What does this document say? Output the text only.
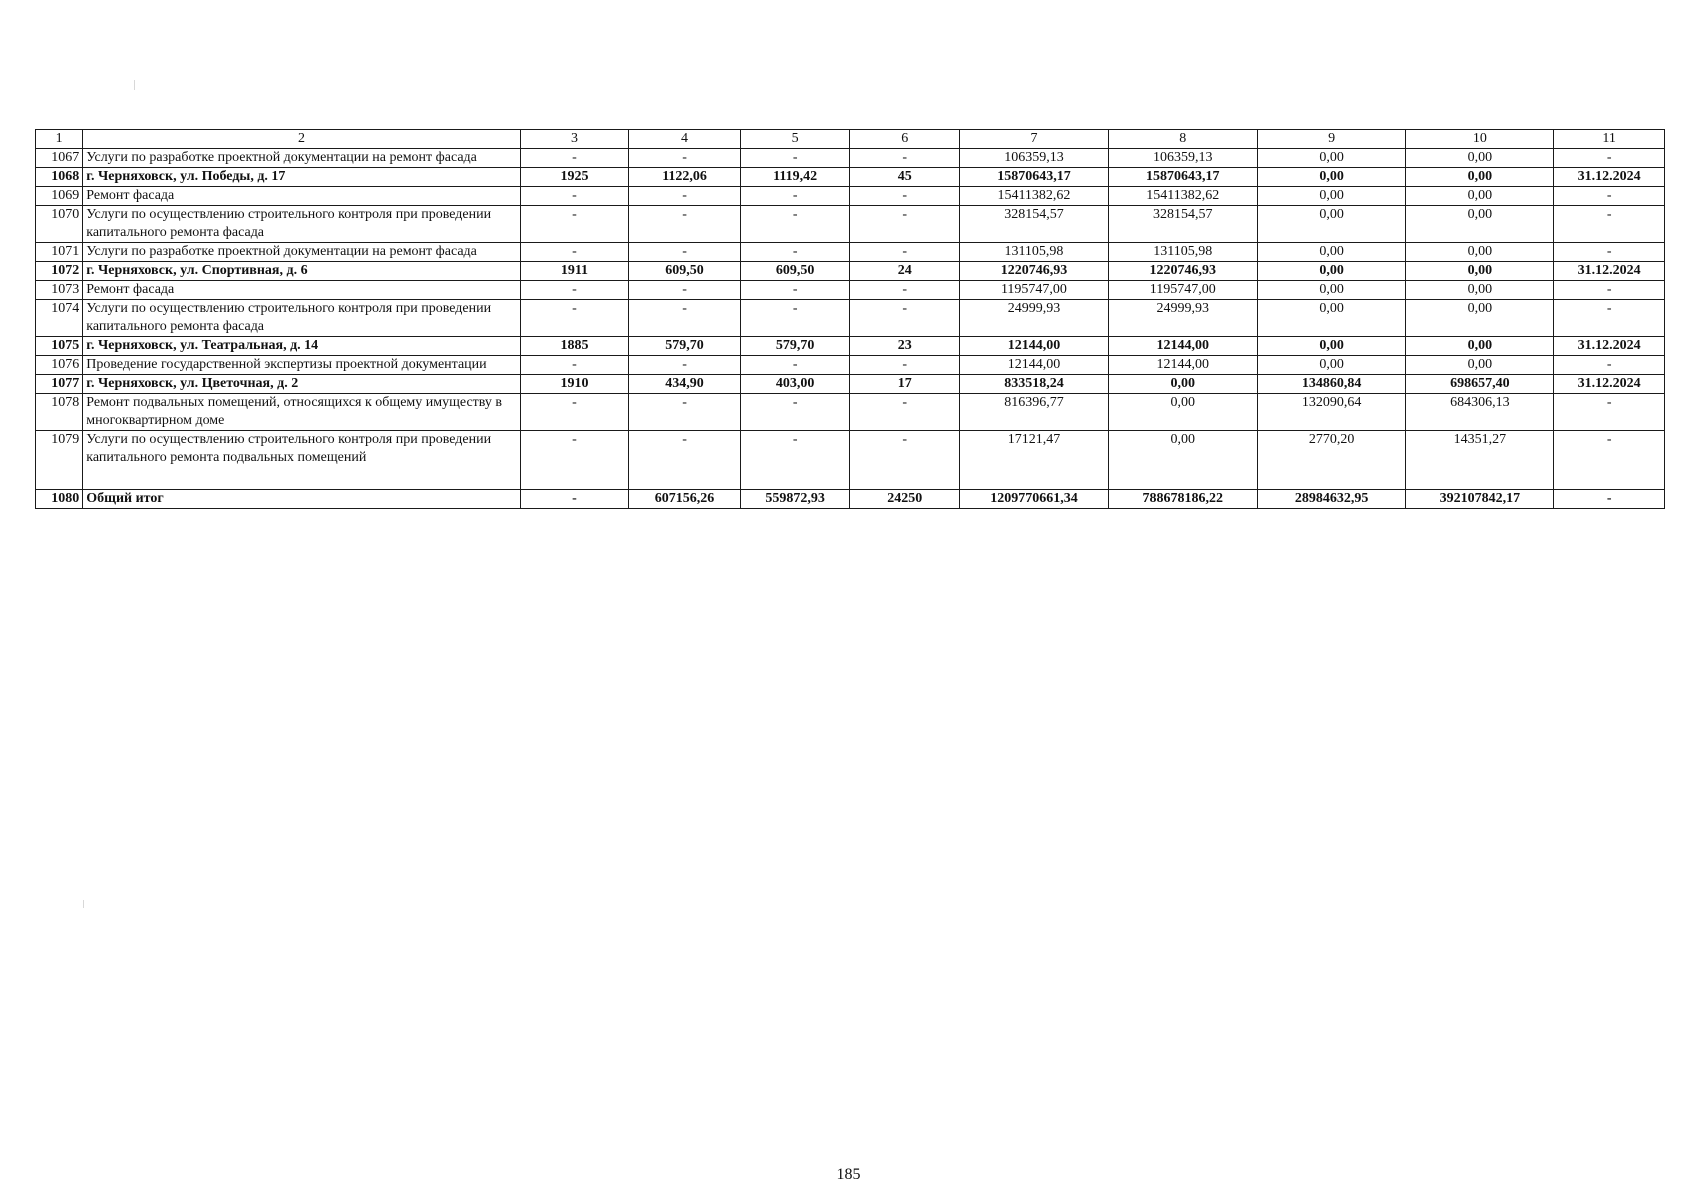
1	2	3	4	5	6	7	8	9	10	11
1067	Услуги по разработке проектной документации на ремонт фасада	-	-	-	-	106359,13	106359,13	0,00	0,00	-
1068	г. Черняховск, ул. Победы, д. 17	1925	1122,06	1119,42	45	15870643,17	15870643,17	0,00	0,00	31.12.2024
1069	Ремонт фасада	-	-	-	-	15411382,62	15411382,62	0,00	0,00	-
1070	Услуги по осуществлению строительного контроля при проведении капитального ремонта фасада	-	-	-	-	328154,57	328154,57	0,00	0,00	-
1071	Услуги по разработке проектной документации на ремонт фасада	-	-	-	-	131105,98	131105,98	0,00	0,00	-
1072	г. Черняховск, ул. Спортивная, д. 6	1911	609,50	609,50	24	1220746,93	1220746,93	0,00	0,00	31.12.2024
1073	Ремонт фасада	-	-	-	-	1195747,00	1195747,00	0,00	0,00	-
1074	Услуги по осуществлению строительного контроля при проведении капитального ремонта фасада	-	-	-	-	24999,93	24999,93	0,00	0,00	-
1075	г. Черняховск, ул. Театральная, д. 14	1885	579,70	579,70	23	12144,00	12144,00	0,00	0,00	31.12.2024
1076	Проведение государственной экспертизы проектной документации	-	-	-	-	12144,00	12144,00	0,00	0,00	-
1077	г. Черняховск, ул. Цветочная, д. 2	1910	434,90	403,00	17	833518,24	0,00	134860,84	698657,40	31.12.2024
1078	Ремонт подвальных помещений, относящихся к общему имуществу в многоквартирном доме	-	-	-	-	816396,77	0,00	132090,64	684306,13	-
1079	Услуги по осуществлению строительного контроля при проведении капитального ремонта подвальных помещений	-	-	-	-	17121,47	0,00	2770,20	14351,27	-
1080	Общий итог	-	607156,26	559872,93	24250	1209770661,34	788678186,22	28984632,95	392107842,17	-
185
